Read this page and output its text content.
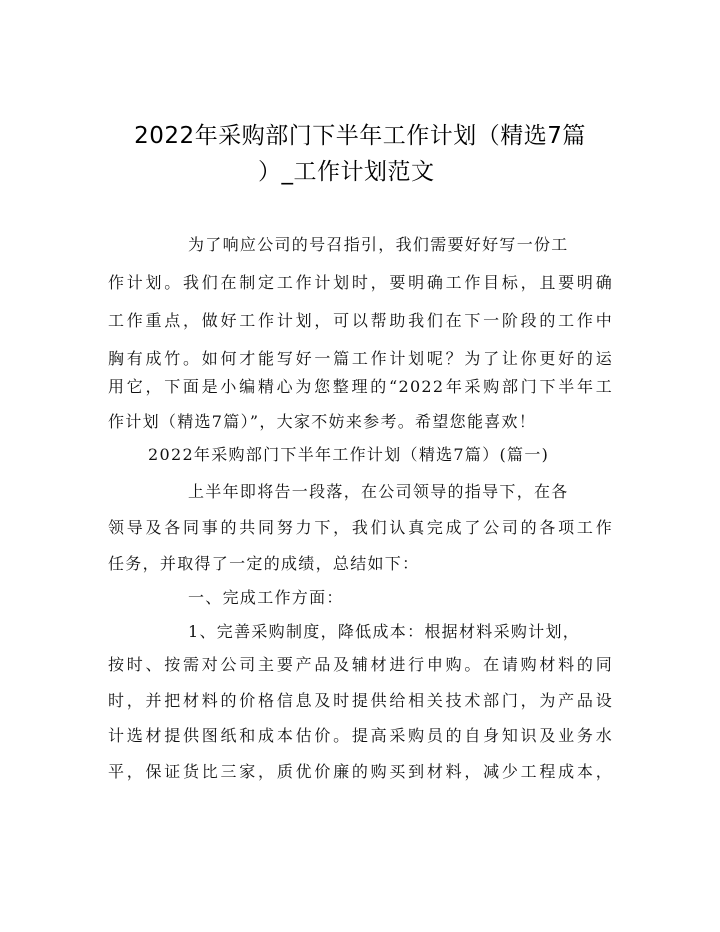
2022年采购部门下半年工作计划（精选7篇
）_工作计划范文
为了响应公司的号召指引，我们需要好好写一份工
作计划。我们在制定工作计划时，要明确工作目标，且要明确
工作重点，做好工作计划，可以帮助我们在下一阶段的工作中
胸有成竹。如何才能写好一篇工作计划呢？为了让你更好的运
用它，下面是小编精心为您整理的“2022年采购部门下半年工
作计划（精选7篇）”，大家不妨来参考。希望您能喜欢！
2022年采购部门下半年工作计划（精选7篇）(篇一)
上半年即将告一段落，在公司领导的指导下，在各
领导及各同事的共同努力下，我们认真完成了公司的各项工作
任务，并取得了一定的成绩，总结如下：
一、完成工作方面：
1、完善采购制度，降低成本：根据材料采购计划，
按时、按需对公司主要产品及辅材进行申购。在请购材料的同
时，并把材料的价格信息及时提供给相关技术部门，为产品设
计选材提供图纸和成本估价。提高采购员的自身知识及业务水
平，保证货比三家，质优价廉的购买到材料，减少工程成本，
